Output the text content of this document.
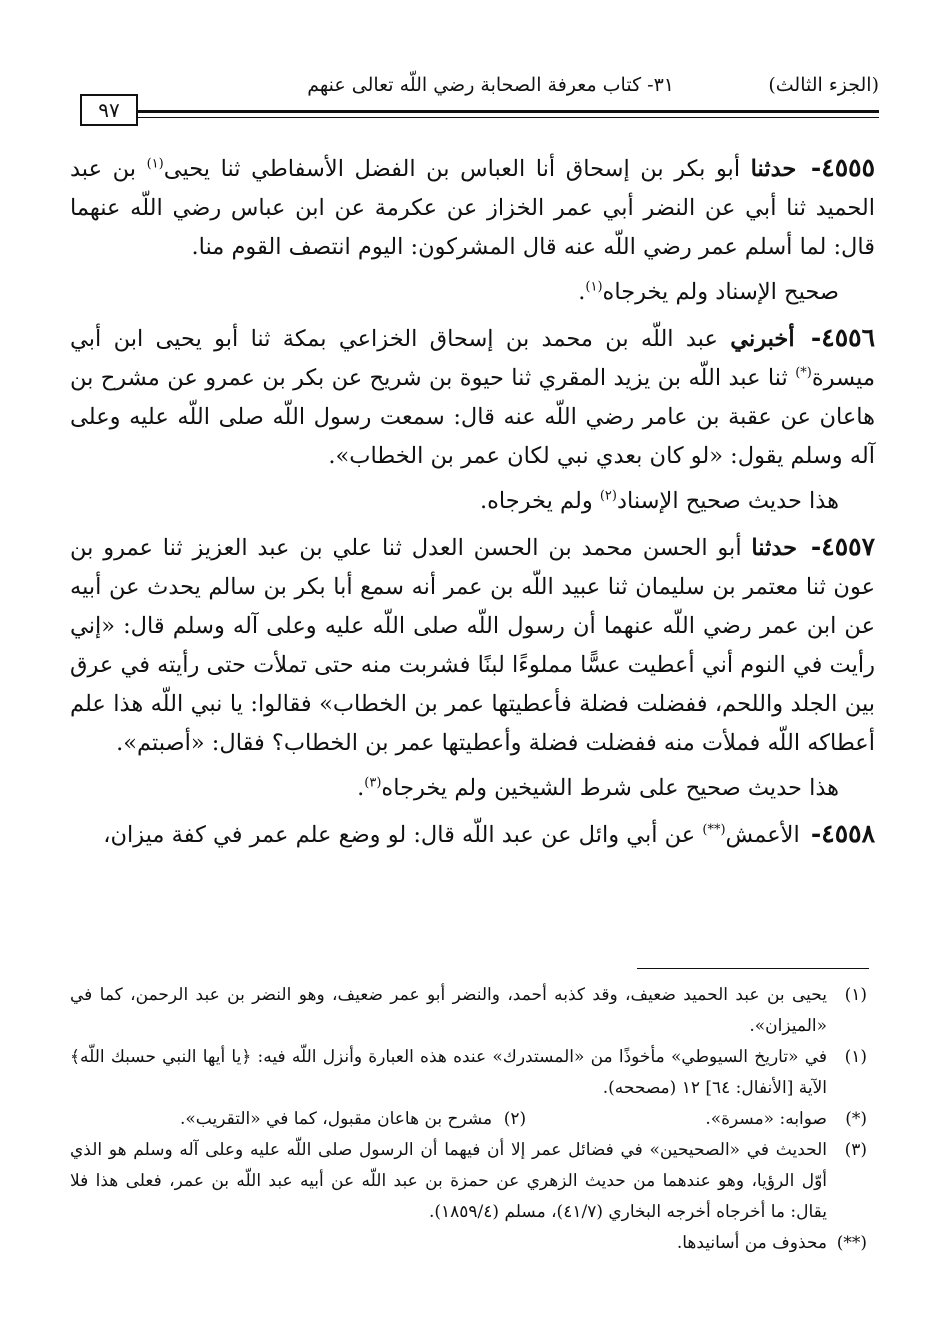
(الجزء الثالث)
٣١- كتاب معرفة الصحابة رضي اللّه تعالى عنهم
٩٧

٤٥٥٥- حدثنا أبو بكر بن إسحاق أنا العباس بن الفضل الأسفاطي ثنا يحيى$^{(١)}$ بن عبد الحميد ثنا أبي عن النضر أبي عمر الخزاز عن عكرمة عن ابن عباس رضي اللّه عنهما قال: لما أسلم عمر رضي اللّه عنه قال المشركون: اليوم انتصف القوم منا.

صحيح الإسناد ولم يخرجاه$^{(١)}$.

٤٥٥٦- أخبرني عبد اللّه بن محمد بن إسحاق الخزاعي بمكة ثنا أبو يحيى ابن أبي ميسرة(*) ثنا عبد اللّه بن يزيد المقري ثنا حيوة بن شريح عن بكر بن عمرو عن مشرح بن هاعان عن عقبة بن عامر رضي اللّه عنه قال: سمعت رسول اللّه صلى اللّه عليه وعلى آله وسلم يقول: «لو كان بعدي نبي لكان عمر بن الخطاب».

هذا حديث صحيح الإسناد$^{(٢)}$ ولم يخرجاه.

٤٥٥٧- حدثنا أبو الحسن محمد بن الحسن العدل ثنا علي بن عبد العزيز ثنا عمرو بن عون ثنا معتمر بن سليمان ثنا عبيد اللّه بن عمر أنه سمع أبا بكر بن سالم يحدث عن أبيه عن ابن عمر رضي اللّه عنهما أن رسول اللّه صلى اللّه عليه وعلى آله وسلم قال: «إني رأيت في النوم أني أعطيت عسًّا مملوءًا لبنًا فشربت منه حتى تملأت حتى رأيته في عرق بين الجلد واللحم، ففضلت فضلة فأعطيتها عمر بن الخطاب» فقالوا: يا نبي اللّه هذا علم أعطاكه اللّه فملأت منه ففضلت فضلة وأعطيتها عمر بن الخطاب؟ فقال: «أصبتم».

هذا حديث صحيح على شرط الشيخين ولم يخرجاه$^{(٣)}$.

٤٥٥٨- الأعمش(**) عن أبي وائل عن عبد اللّه قال: لو وضع علم عمر في كفة ميزان،

(١)
يحيى بن عبد الحميد ضعيف، وقد كذبه أحمد، والنضر أبو عمر ضعيف، وهو النضر بن عبد الرحمن، كما في «الميزان».

(١)
في «تاريخ السيوطي» مأخوذًا من «المستدرك» عنده هذه العبارة وأنزل اللّه فيه: ﴿يا أيها النبي حسبك اللّه﴾ الآية [الأنفال: ٦٤] ١٢ (مصححه).

(*)
صوابه: «مسرة».
(٢)
مشرح بن هاعان مقبول، كما في «التقريب».

(٣)
الحديث في «الصحيحين» في فضائل عمر إلا أن فيهما أن الرسول صلى اللّه عليه وعلى آله وسلم هو الذي أوّل الرؤيا، وهو عندهما من حديث الزهري عن حمزة بن عبد اللّه عن أبيه عبد اللّه بن عمر، فعلى هذا فلا يقال: ما أخرجاه أخرجه البخاري (٤١/٧)، مسلم (١٨٥٩/٤).

(**)
محذوف من أسانيدها.
